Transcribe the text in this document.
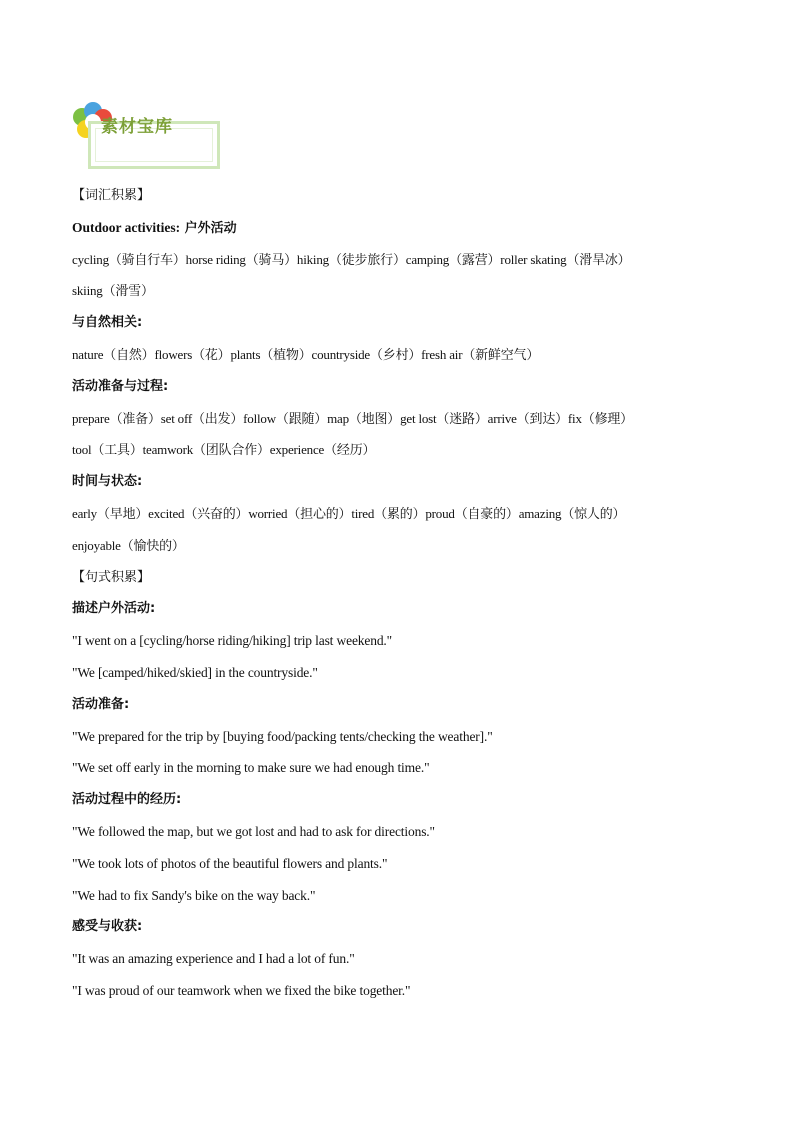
素材宝库
【词汇积累】
Outdoor activities: 户外活动
cycling（骑自行车）horse riding（骑马）hiking（徒步旅行）camping（露营）roller skating（滑旱冰）
skiing（滑雪）
与自然相关:
nature（自然）flowers（花）plants（植物）countryside（乡村）fresh air（新鲜空气）
活动准备与过程:
prepare（准备）set off（出发）follow（跟随）map（地图）get lost（迷路）arrive（到达）fix（修理）
tool（工具）teamwork（团队合作）experience（经历）
时间与状态:
early（早地）excited（兴奋的）worried（担心的）tired（累的）proud（自豪的）amazing（惊人的）
enjoyable（愉快的）
【句式积累】
描述户外活动:
"I went on a [cycling/horse riding/hiking] trip last weekend."
"We [camped/hiked/skied] in the countryside."
活动准备:
"We prepared for the trip by [buying food/packing tents/checking the weather]."
"We set off early in the morning to make sure we had enough time."
活动过程中的经历:
"We followed the map, but we got lost and had to ask for directions."
"We took lots of photos of the beautiful flowers and plants."
"We had to fix Sandy's bike on the way back."
感受与收获:
"It was an amazing experience and I had a lot of fun."
"I was proud of our teamwork when we fixed the bike together."
